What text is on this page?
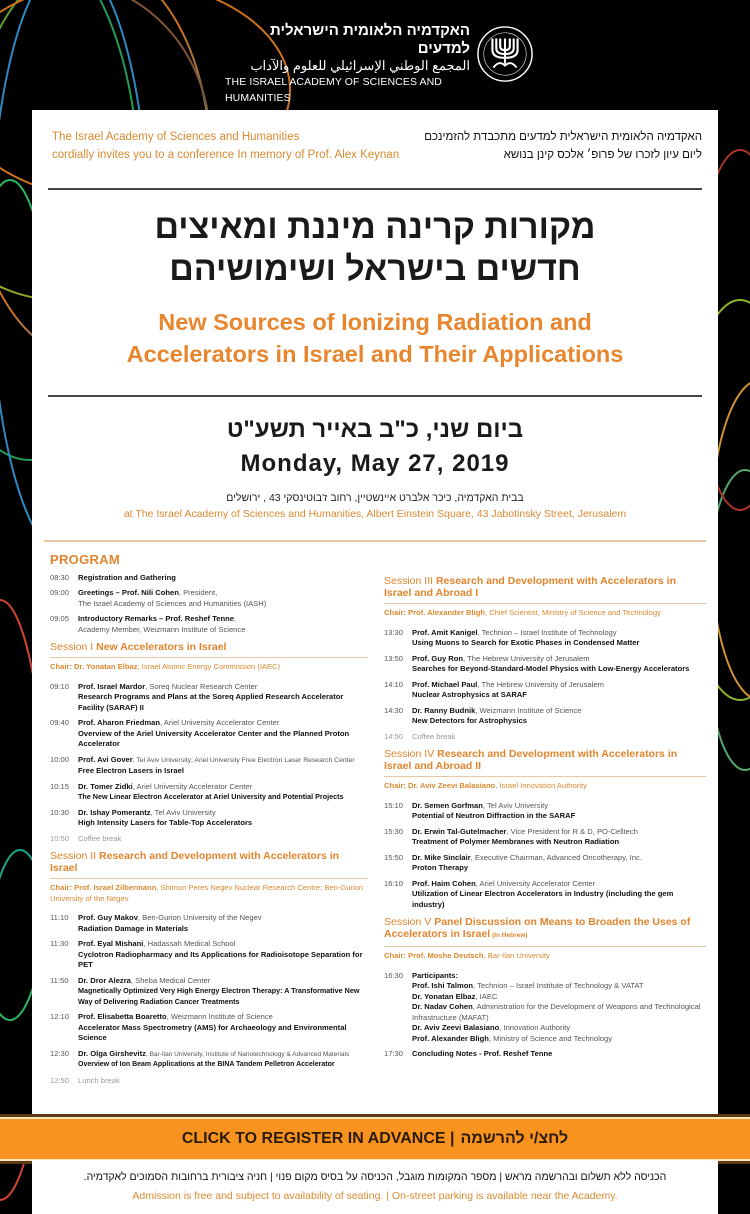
האקדמיה הלאומית הישראלית למדעים
المجمع الوطني الإسرائيلي للعلوم والآداب
THE ISRAEL ACADEMY OF SCIENCES AND HUMANITIES
The Israel Academy of Sciences and Humanities
cordially invites you to a conference In memory of Prof. Alex Keynan
האקדמיה הלאומית הישראלית למדעים מתכבדת להזמינכם
ליום עיון לזכרו של פרופ׳ אלכס קינן בנושא
מקורות קרינה מיננת ומאיצים
חדשים בישראל ושימושיהם
New Sources of Ionizing Radiation and
Accelerators in Israel and Their Applications
ביום שני, כ"ב באייר תשע"ט
Monday, May 27, 2019
בבית האקדמיה, כיכר אלברט איינשטיין, רחוב ז'בוטינסקי 43 , ירושלים
at The Israel Academy of Sciences and Humanities, Albert Einstein Square, 43 Jabotinsky Street, Jerusalem
PROGRAM
08:30 Registration and Gathering
09:00 Greetings – Prof. Nili Cohen, President,
The Israel Academy of Sciences and Humanities (IASH)
09:05 Introductory Remarks – Prof. Reshef Tenne,
Academy Member, Weizmann Institute of Science
Session I New Accelerators in Israel
Chair: Dr. Yonatan Elbaz, Israel Atomic Energy Commission (IAEC)
09:10 Prof. Israel Mardor, Soreq Nuclear Research Center
Research Programs and Plans at the Soreq Applied Research Accelerator Facility (SARAF) II
09:40 Prof. Aharon Friedman, Ariel University Accelerator Center
Overview of the Ariel University Accelerator Center and the Planned Proton Accelerator
10:00 Prof. Avi Gover, Tel Aviv University; Ariel University Free Electron Laser Research Center
Free Electron Lasers in Israel
10:15 Dr. Tomer Zidki, Ariel University Accelerator Center
The New Linear Electron Accelerator at Ariel University and Potential Projects
10:30 Dr. Ishay Pomerantz, Tel Aviv University
High Intensity Lasers for Table-Top Accelerators
10:50 Coffee break
Session II Research and Development with Accelerators in Israel
Chair: Prof. Israel Zilbermann, Shimon Peres Negev Nuclear Research Centre; Ben-Gurion University of the Negev
11:10 Prof. Guy Makov, Ben-Gurion University of the Negev
Radiation Damage in Materials
11:30 Prof. Eyal Mishani, Hadassah Medical School
Cyclotron Radiopharmacy and Its Applications for Radioisotope Separation for PET
11:50 Dr. Dror Alezra, Sheba Medical Center
Magnetically Optimized Very High Energy Electron Therapy: A Transformative New Way of Delivering Radiation Cancer Treatments
12:10 Prof. Elisabetta Boaretto, Weizmann Institute of Science
Accelerator Mass Spectrometry (AMS) for Archaeology and Environmental Science
12:30 Dr. Olga Girshevitz, Bar-Ilan University, Institute of Nanotechnology & Advanced Materials
Overview of Ion Beam Applications at the BINA Tandem Pelletron Accelerator
12:50 Lunch break
Session III Research and Development with Accelerators in Israel and Abroad I
Chair: Prof. Alexander Bligh, Chief Scientist, Ministry of Science and Technology
13:30 Prof. Amit Kanigel, Technion – Israel Institute of Technology
Using Muons to Search for Exotic Phases in Condensed Matter
13:50 Prof. Guy Ron, The Hebrew University of Jerusalem
Searches for Beyond-Standard-Model Physics with Low-Energy Accelerators
14:10 Prof. Michael Paul, The Hebrew University of Jerusalem
Nuclear Astrophysics at SARAF
14:30 Dr. Ranny Budnik, Weizmann Institute of Science
New Detectors for Astrophysics
14:50 Coffee break
Session IV Research and Development with Accelerators in Israel and Abroad II
Chair: Dr. Aviv Zeevi Balasiano, Israel Innovation Authority
15:10 Dr. Semen Gorfman, Tel Aviv University
Potential of Neutron Diffraction in the SARAF
15:30 Dr. Erwin Tal-Gutelmacher, Vice President for R & D, PO-Celltech
Treatment of Polymer Membranes with Neutron Radiation
15:50 Dr. Mike Sinclair, Executive Chairman, Advanced Oncotherapy, Inc.
Proton Therapy
16:10 Prof. Haim Cohen, Ariel University Accelerator Center
Utilization of Linear Electron Accelerators in Industry (including the gem industry)
Session V Panel Discussion on Means to Broaden the Uses of Accelerators in Israel (In Hebrew)
Chair: Prof. Moshe Deutsch, Bar-Ilan University
16:30 Participants:
Prof. Ishi Talmon, Technion – Israel Institute of Technology & VATAT
Dr. Yonatan Elbaz, IAEC
Dr. Nadav Cohen, Administration for the Development of Weapons and Technological Infrastructure (MAFAT)
Dr. Aviv Zeevi Balasiano, Innovation Authority
Prof. Alexander Bligh, Ministry of Science and Technology
17:30 Concluding Notes - Prof. Reshef Tenne
CLICK TO REGISTER IN ADVANCE | לחצ/י להרשמה
הכניסה ללא תשלום ובהרשמה מראש | מספר המקומות מוגבל, הכניסה על בסיס מקום פנוי | חניה ציבורית ברחובות הסמוכים לאקדמיה.
Admission is free and subject to availability of seating. | On-street parking is available near the Academy.
